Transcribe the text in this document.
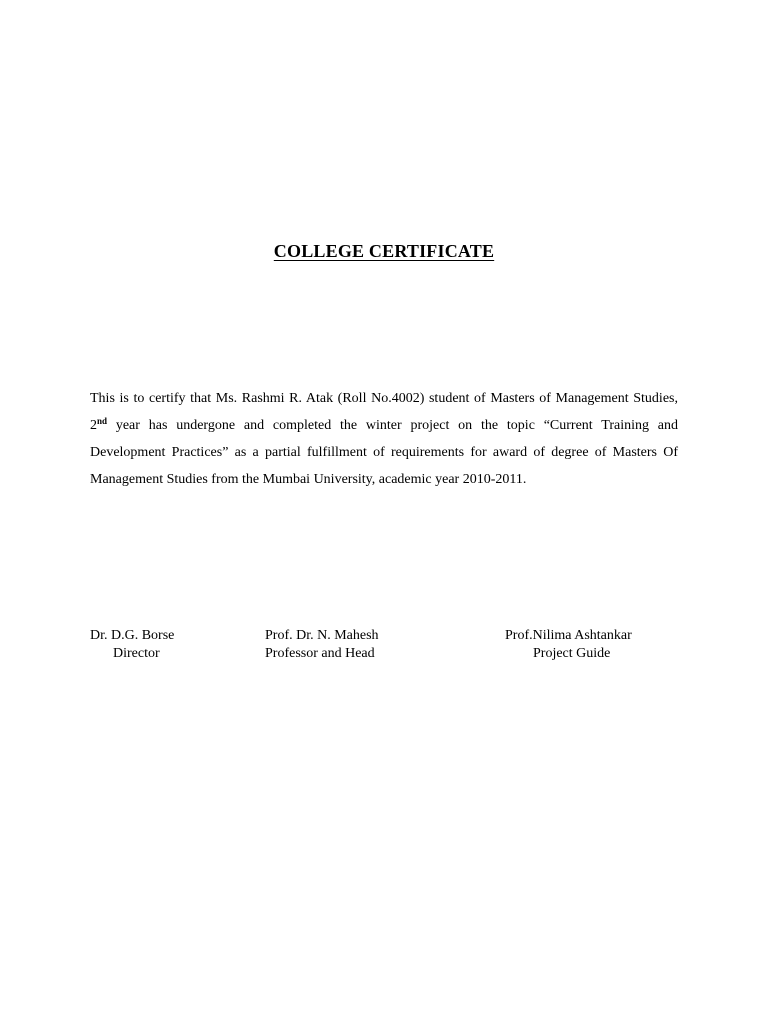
COLLEGE CERTIFICATE

This is to certify that Ms. Rashmi R. Atak (Roll No.4002) student of Masters of Management Studies, 2nd year has undergone and completed the winter project on the topic “Current Training and Development Practices” as a partial fulfillment of requirements for award of degree of Masters Of Management Studies from the Mumbai University, academic year 2010-2011.

Dr. D.G. Borse
Director
Prof. Dr. N. Mahesh
Professor and Head
Prof.Nilima Ashtankar
Project Guide
